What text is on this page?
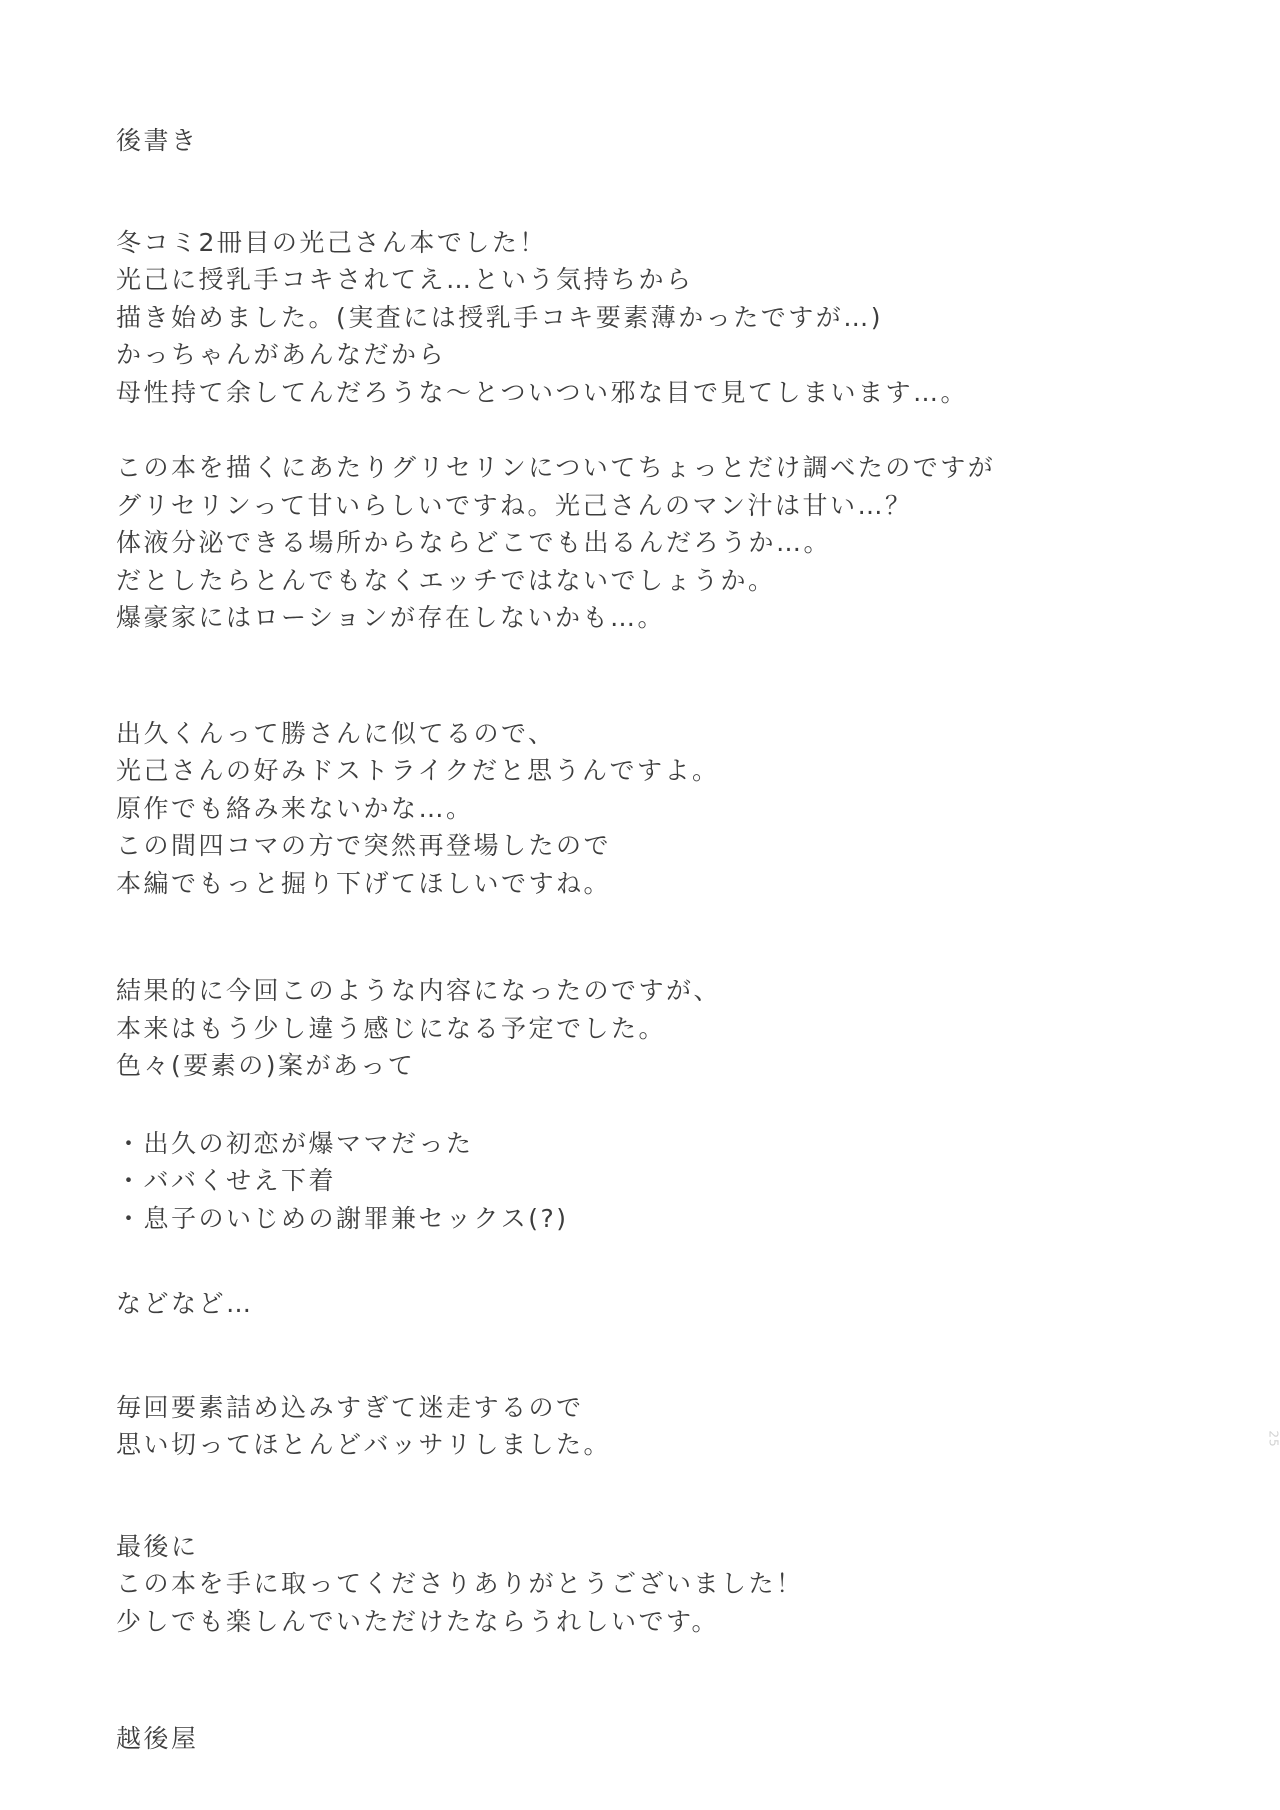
後書き
冬コミ2冊目の光己さん本でした！
光己に授乳手コキされてえ…という気持ちから
描き始めました。(実査には授乳手コキ要素薄かったですが…)
かっちゃんがあんなだから
母性持て余してんだろうな〜とついつい邪な目で見てしまいます…。
この本を描くにあたりグリセリンについてちょっとだけ調べたのですが
グリセリンって甘いらしいですね。光己さんのマン汁は甘い…？
体液分泌できる場所からならどこでも出るんだろうか…。
だとしたらとんでもなくエッチではないでしょうか。
爆豪家にはローションが存在しないかも…。
出久くんって勝さんに似てるので、
光己さんの好みドストライクだと思うんですよ。
原作でも絡み来ないかな…。
この間四コマの方で突然再登場したので
本編でもっと掘り下げてほしいですね。
結果的に今回このような内容になったのですが、
本来はもう少し違う感じになる予定でした。
色々(要素の)案があって
・出久の初恋が爆ママだった
・ババくせえ下着
・息子のいじめの謝罪兼セックス(?)
などなど…
毎回要素詰め込みすぎて迷走するので
思い切ってほとんどバッサリしました。
最後に
この本を手に取ってくださりありがとうございました！
少しでも楽しんでいただけたならうれしいです。
越後屋
25
